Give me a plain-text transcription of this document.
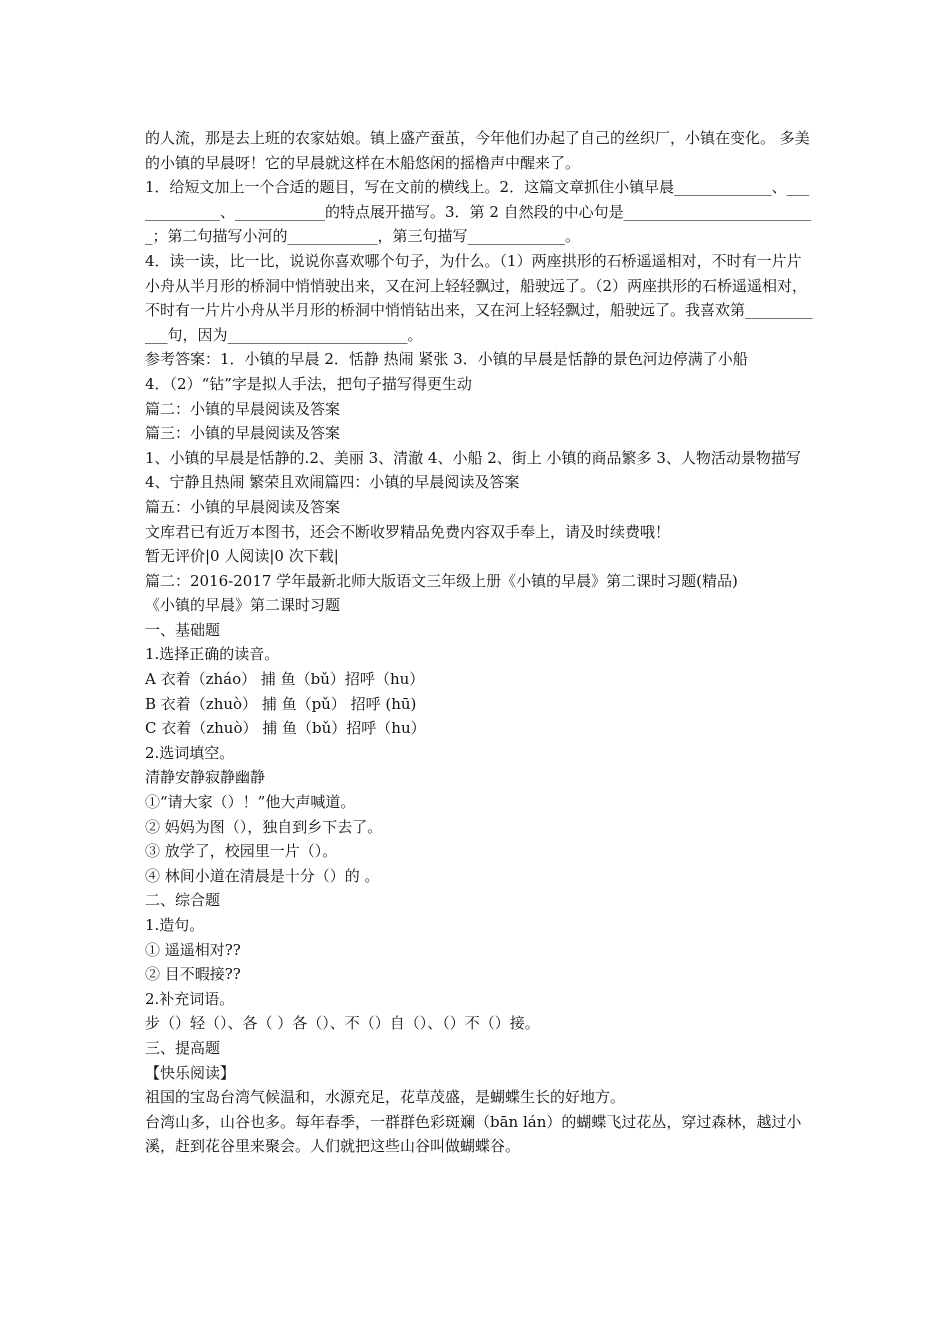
的人流，那是去上班的农家姑娘。镇上盛产蚕茧，今年他们办起了自己的丝织厂，小镇在变化。 多美的小镇的早晨呀！它的早晨就这样在木船悠闲的摇橹声中醒来了。

1．给短文加上一个合适的题目，写在文前的横线上。2．这篇文章抓住小镇早晨_____________、_____________、____________的特点展开描写。3．第 2 自然段的中心句是__________________________；第二句描写小河的____________，第三句描写_____________。

4．读一读，比一比，说说你喜欢哪个句子，为什么。（1）两座拱形的石桥遥遥相对，不时有一片片小舟从半月形的桥洞中悄悄驶出来，又在河上轻轻飘过，船驶远了。（2）两座拱形的石桥遥遥相对，不时有一片片小舟从半月形的桥洞中悄悄钻出来，又在河上轻轻飘过，船驶远了。我喜欢第____________句，因为________________________。

参考答案：1．小镇的早晨 2．恬静 热闹 紧张 3．小镇的早晨是恬静的景色河边停满了小船

4．（2）“钻”字是拟人手法，把句子描写得更生动

篇二：小镇的早晨阅读及答案

篇三：小镇的早晨阅读及答案

1、小镇的早晨是恬静的.2、美丽 3、清澈 4、小船 2、街上 小镇的商品繁多 3、人物活动景物描写 4、宁静且热闹 繁荣且欢闹篇四：小镇的早晨阅读及答案

篇五：小镇的早晨阅读及答案

文库君已有近万本图书，还会不断收罗精品免费内容双手奉上，请及时续费哦！

暂无评价|0 人阅读|0 次下载|

篇二：2016-2017 学年最新北师大版语文三年级上册《小镇的早晨》第二课时习题(精品)

《小镇的早晨》第二课时习题

一、基础题

1.选择正确的读音。

A 衣着（zháo） 捕 鱼（bǔ）招呼（hu）

B 衣着（zhuò） 捕 鱼（pǔ） 招呼 (hū)

C 衣着（zhuò） 捕 鱼（bǔ）招呼（hu）

2.选词填空。

清静安静寂静幽静

①“请大家（）！”他大声喊道。

② 妈妈为图（），独自到乡下去了。

③ 放学了，校园里一片（）。

④ 林间小道在清晨是十分（）的 。

二、综合题

1.造句。

① 遥遥相对??

② 目不暇接??

2.补充词语。

步（）轻（）、各（ ）各（）、不（）自（）、（）不（）接。

三、提高题

【快乐阅读】

祖国的宝岛台湾气候温和，水源充足，花草茂盛，是蝴蝶生长的好地方。

台湾山多，山谷也多。每年春季，一群群色彩斑斓（bān lán）的蝴蝶飞过花丛，穿过森林，越过小溪，赶到花谷里来聚会。人们就把这些山谷叫做蝴蝶谷。
